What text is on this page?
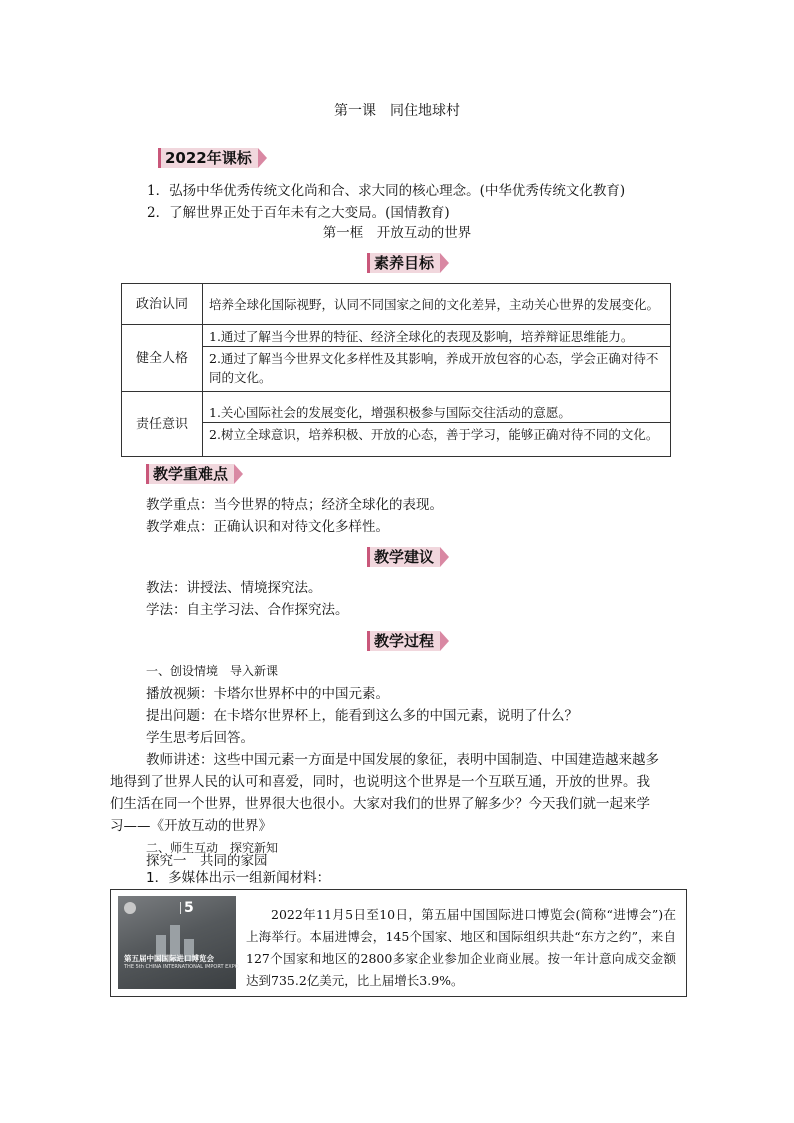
第一课　同住地球村
2022年课标
1．弘扬中华优秀传统文化尚和合、求大同的核心理念。(中华优秀传统文化教育)
2．了解世界正处于百年未有之大变局。(国情教育)
第一框　开放互动的世界
素养目标
政治认同	培养全球化国际视野，认同不同国家之间的文化差异，主动关心世界的发展变化。
健全人格	1.通过了解当今世界的特征、经济全球化的表现及影响，培养辩证思维能力。
2.通过了解当今世界文化多样性及其影响，养成开放包容的心态，学会正确对待不同的文化。

责任意识	1.关心国际社会的发展变化，增强积极参与国际交往活动的意愿。
2.树立全球意识，培养积极、开放的心态，善于学习，能够正确对待不同的文化。
教学重难点
教学重点：当今世界的特点；经济全球化的表现。
教学难点：正确认识和对待文化多样性。
教学建议
教法：讲授法、情境探究法。
学法：自主学习法、合作探究法。
教学过程
一、创设情境　导入新课
播放视频：卡塔尔世界杯中的中国元素。
提出问题：在卡塔尔世界杯上，能看到这么多的中国元素，说明了什么？
学生思考后回答。
教师讲述：这些中国元素一方面是中国发展的象征，表明中国制造、中国建造越来越多
地得到了世界人民的认可和喜爱，同时，也说明这个世界是一个互联互通，开放的世界。我
们生活在同一个世界，世界很大也很小。大家对我们的世界了解多少？今天我们就一起来学
习——《开放互动的世界》
二、师生互动　探究新知
探究一　共同的家园
1．多媒体出示一组新闻材料：
5
第五届中国国际进口博览会
THE 5th CHINA INTERNATIONAL IMPORT EXPO
2022年11月5日至10日，第五届中国国际进口博览会(简称“进博会”)在上海举行。本届进博会，145个国家、地区和国际组织共赴“东方之约”，来自127个国家和地区的2800多家企业参加企业商业展。按一年计意向成交金额达到735.2亿美元，比上届增长3.9%。
